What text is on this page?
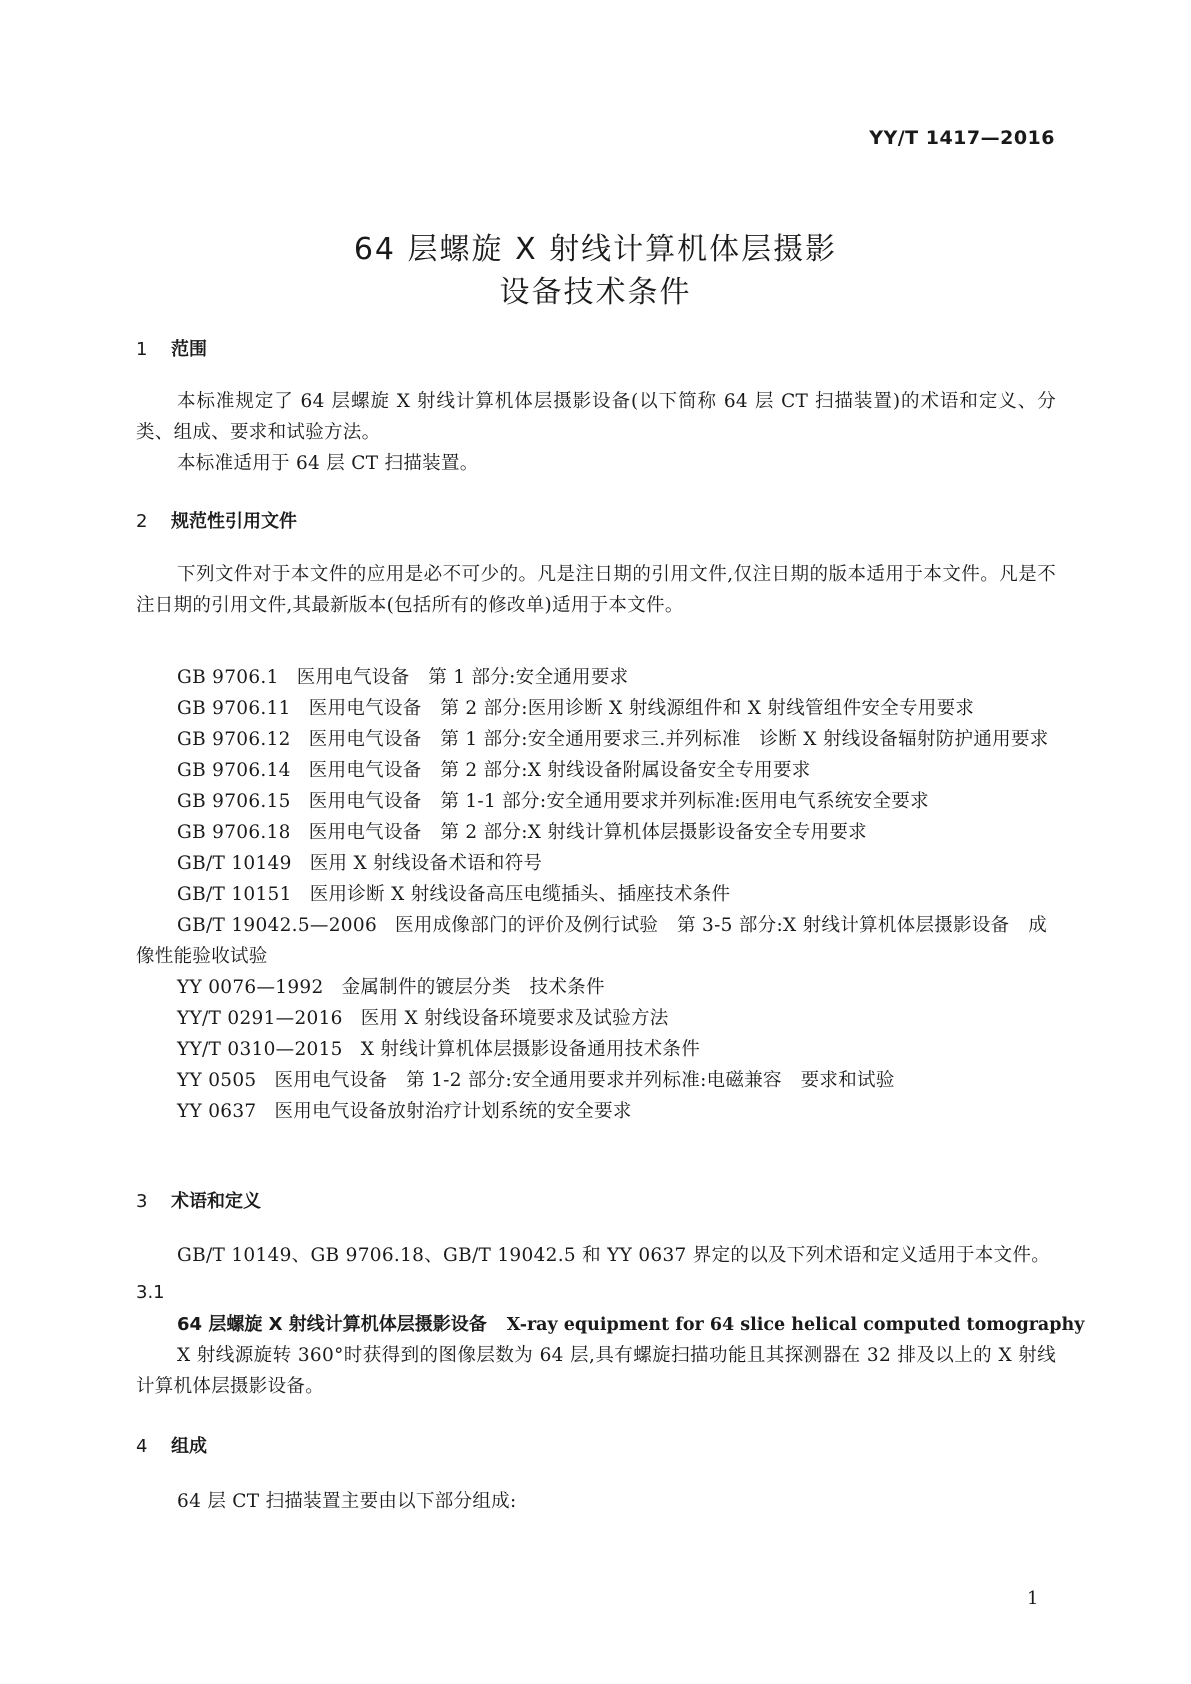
YY/T 1417—2016
64 层螺旋 X 射线计算机体层摄影
设备技术条件
1 范围
本标准规定了 64 层螺旋 X 射线计算机体层摄影设备(以下简称 64 层 CT 扫描装置)的术语和定义、分类、组成、要求和试验方法。
本标准适用于 64 层 CT 扫描装置。
2 规范性引用文件
下列文件对于本文件的应用是必不可少的。凡是注日期的引用文件,仅注日期的版本适用于本文件。凡是不注日期的引用文件,其最新版本(包括所有的修改单)适用于本文件。
GB 9706.1 医用电气设备　第 1 部分:安全通用要求
GB 9706.11 医用电气设备　第 2 部分:医用诊断 X 射线源组件和 X 射线管组件安全专用要求
GB 9706.12 医用电气设备　第 1 部分:安全通用要求三.并列标准　诊断 X 射线设备辐射防护通用要求
GB 9706.14 医用电气设备　第 2 部分:X 射线设备附属设备安全专用要求
GB 9706.15 医用电气设备　第 1-1 部分:安全通用要求并列标准:医用电气系统安全要求
GB 9706.18 医用电气设备　第 2 部分:X 射线计算机体层摄影设备安全专用要求
GB/T 10149 医用 X 射线设备术语和符号
GB/T 10151 医用诊断 X 射线设备高压电缆插头、插座技术条件
GB/T 19042.5—2006 医用成像部门的评价及例行试验　第 3-5 部分:X 射线计算机体层摄影设备　成像性能验收试验
YY 0076—1992 金属制件的镀层分类　技术条件
YY/T 0291—2016 医用 X 射线设备环境要求及试验方法
YY/T 0310—2015 X 射线计算机体层摄影设备通用技术条件
YY 0505 医用电气设备　第 1-2 部分:安全通用要求并列标准:电磁兼容　要求和试验
YY 0637 医用电气设备放射治疗计划系统的安全要求
3 术语和定义
GB/T 10149、GB 9706.18、GB/T 19042.5 和 YY 0637 界定的以及下列术语和定义适用于本文件。
3.1
64 层螺旋 X 射线计算机体层摄影设备 X-ray equipment for 64 slice helical computed tomography
X 射线源旋转 360°时获得到的图像层数为 64 层,具有螺旋扫描功能且其探测器在 32 排及以上的 X 射线计算机体层摄影设备。
4 组成
64 层 CT 扫描装置主要由以下部分组成:
1
